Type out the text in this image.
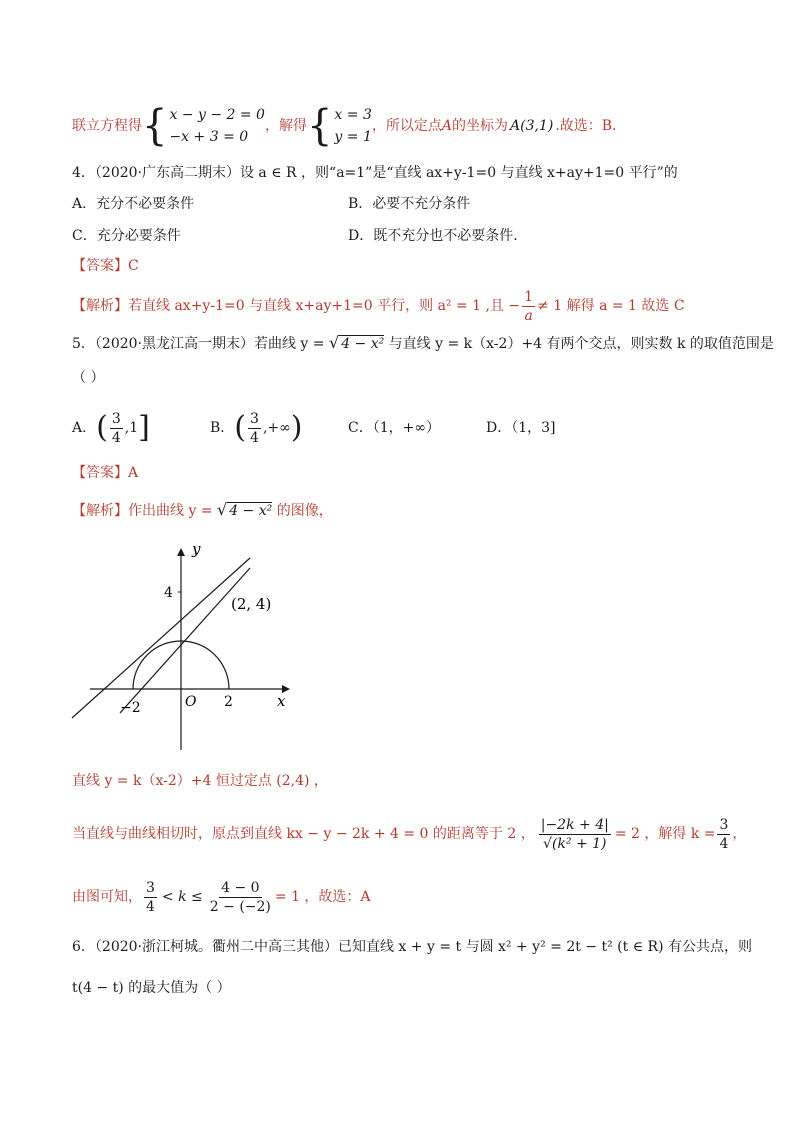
联立方程得 { x − y − 2 = 0
−x + 3 = 0
，解得 { x = 3
y = 1
，所以定点 A 的坐标为 A(3,1) .故选：B.
4．（2020·广东高二期末）设 a ∈ R ，则“a=1”是“直线 ax+y-1=0 与直线 x+ay+1=0 平行”的
A．充分不必要条件	B．必要不充分条件
C．充分必要条件	D．既不充分也不必要条件.
【答案】C
【解析】 若直线 ax+y-1=0 与直线 x+ay+1=0 平行，则 a² = 1 ,且 − $\frac{1}{a} \ne 1$ 解得 a = 1 故选 C
5．（2020·黑龙江高一期末）若曲线 y = √ 4 − x² 与直线 y = k（x-2）+4 有两个交点，则实数 k 的取值范围是
（ ）
A． ( $\frac{3}{4} ,1$ ]	B． ( $\frac{3}{4}$ ,+∞ )	C．（1，+∞）	D．（1，3]
【答案】A
【解析】作出曲线 y = √ 4 − x² 的图像，
y
x
4
(2, 4)
O
−2	2
直线 y = k（x-2）+4 恒过定点 (2,4) ，
当直线与曲线相切时，原点到直线 kx − y − 2k + 4 = 0 的距离等于 2 ， $\frac{|-2k + 4|}{\text{√(k² + 1)}} = 2$ ，解得 $k = \frac{3}{4}$ ，
由图可知， $\frac{3}{4} < k \le \frac{4 - 0}{2 - (-2)} = 1$ ，故选：A
6．（2020·浙江柯城。衢州二中高三其他）已知直线 x + y = t 与圆 x² + y² = 2t − t² (t ∈ R) 有公共点，则
t(4 − t) 的最大值为（ ）
